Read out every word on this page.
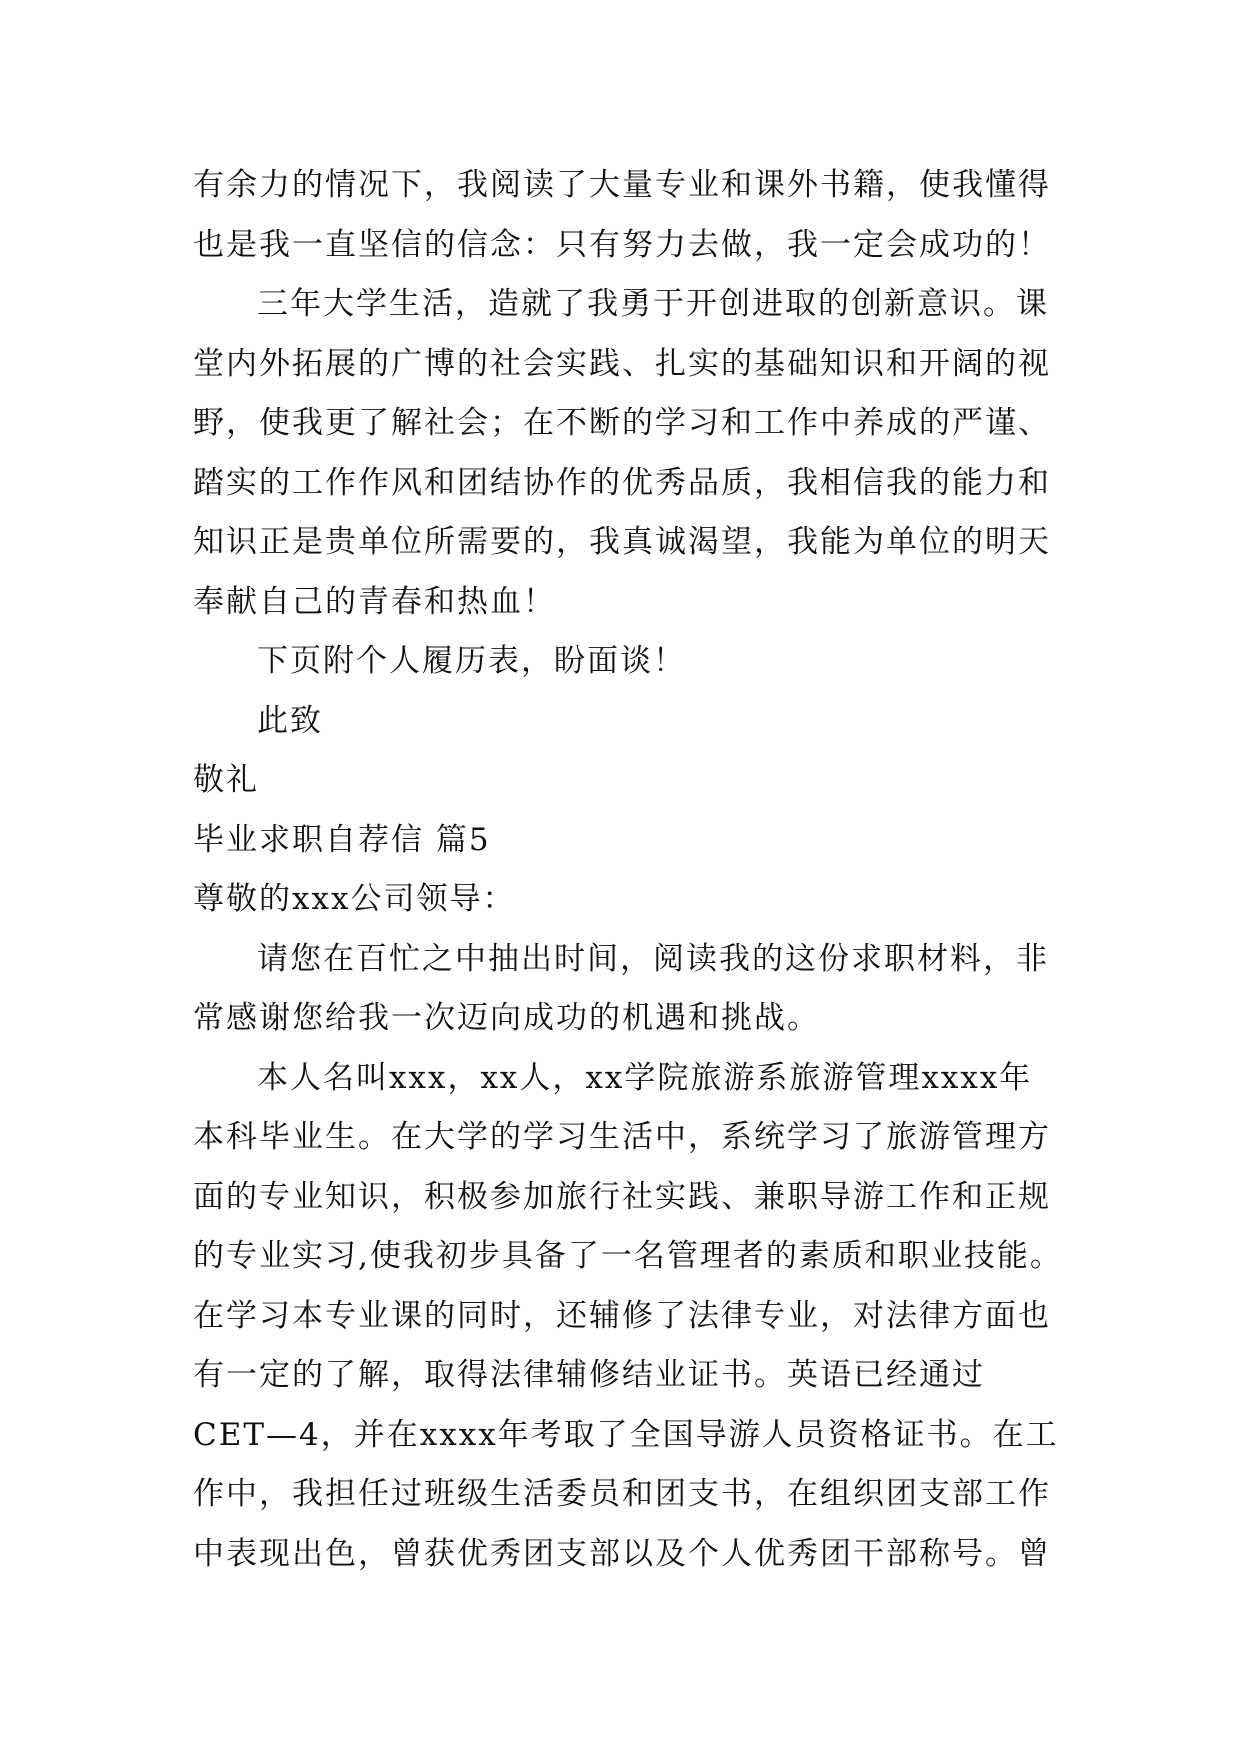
有余力的情况下，我阅读了大量专业和课外书籍，使我懂得
也是我一直坚信的信念：只有努力去做，我一定会成功的！
三年大学生活，造就了我勇于开创进取的创新意识。课
堂内外拓展的广博的社会实践、扎实的基础知识和开阔的视
野，使我更了解社会；在不断的学习和工作中养成的严谨、
踏实的工作作风和团结协作的优秀品质，我相信我的能力和
知识正是贵单位所需要的，我真诚渴望，我能为单位的明天
奉献自己的青春和热血！
下页附个人履历表，盼面谈！
此致
敬礼
毕业求职自荐信 篇5
尊敬的xxx公司领导：
请您在百忙之中抽出时间，阅读我的这份求职材料，非
常感谢您给我一次迈向成功的机遇和挑战。
本人名叫xxx，xx人，xx学院旅游系旅游管理xxxx年
本科毕业生。在大学的学习生活中，系统学习了旅游管理方
面的专业知识，积极参加旅行社实践、兼职导游工作和正规
的专业实习,使我初步具备了一名管理者的素质和职业技能。
在学习本专业课的同时，还辅修了法律专业，对法律方面也
有一定的了解，取得法律辅修结业证书。英语已经通过
CET—4，并在xxxx年考取了全国导游人员资格证书。在工
作中，我担任过班级生活委员和团支书，在组织团支部工作
中表现出色，曾获优秀团支部以及个人优秀团干部称号。曾
